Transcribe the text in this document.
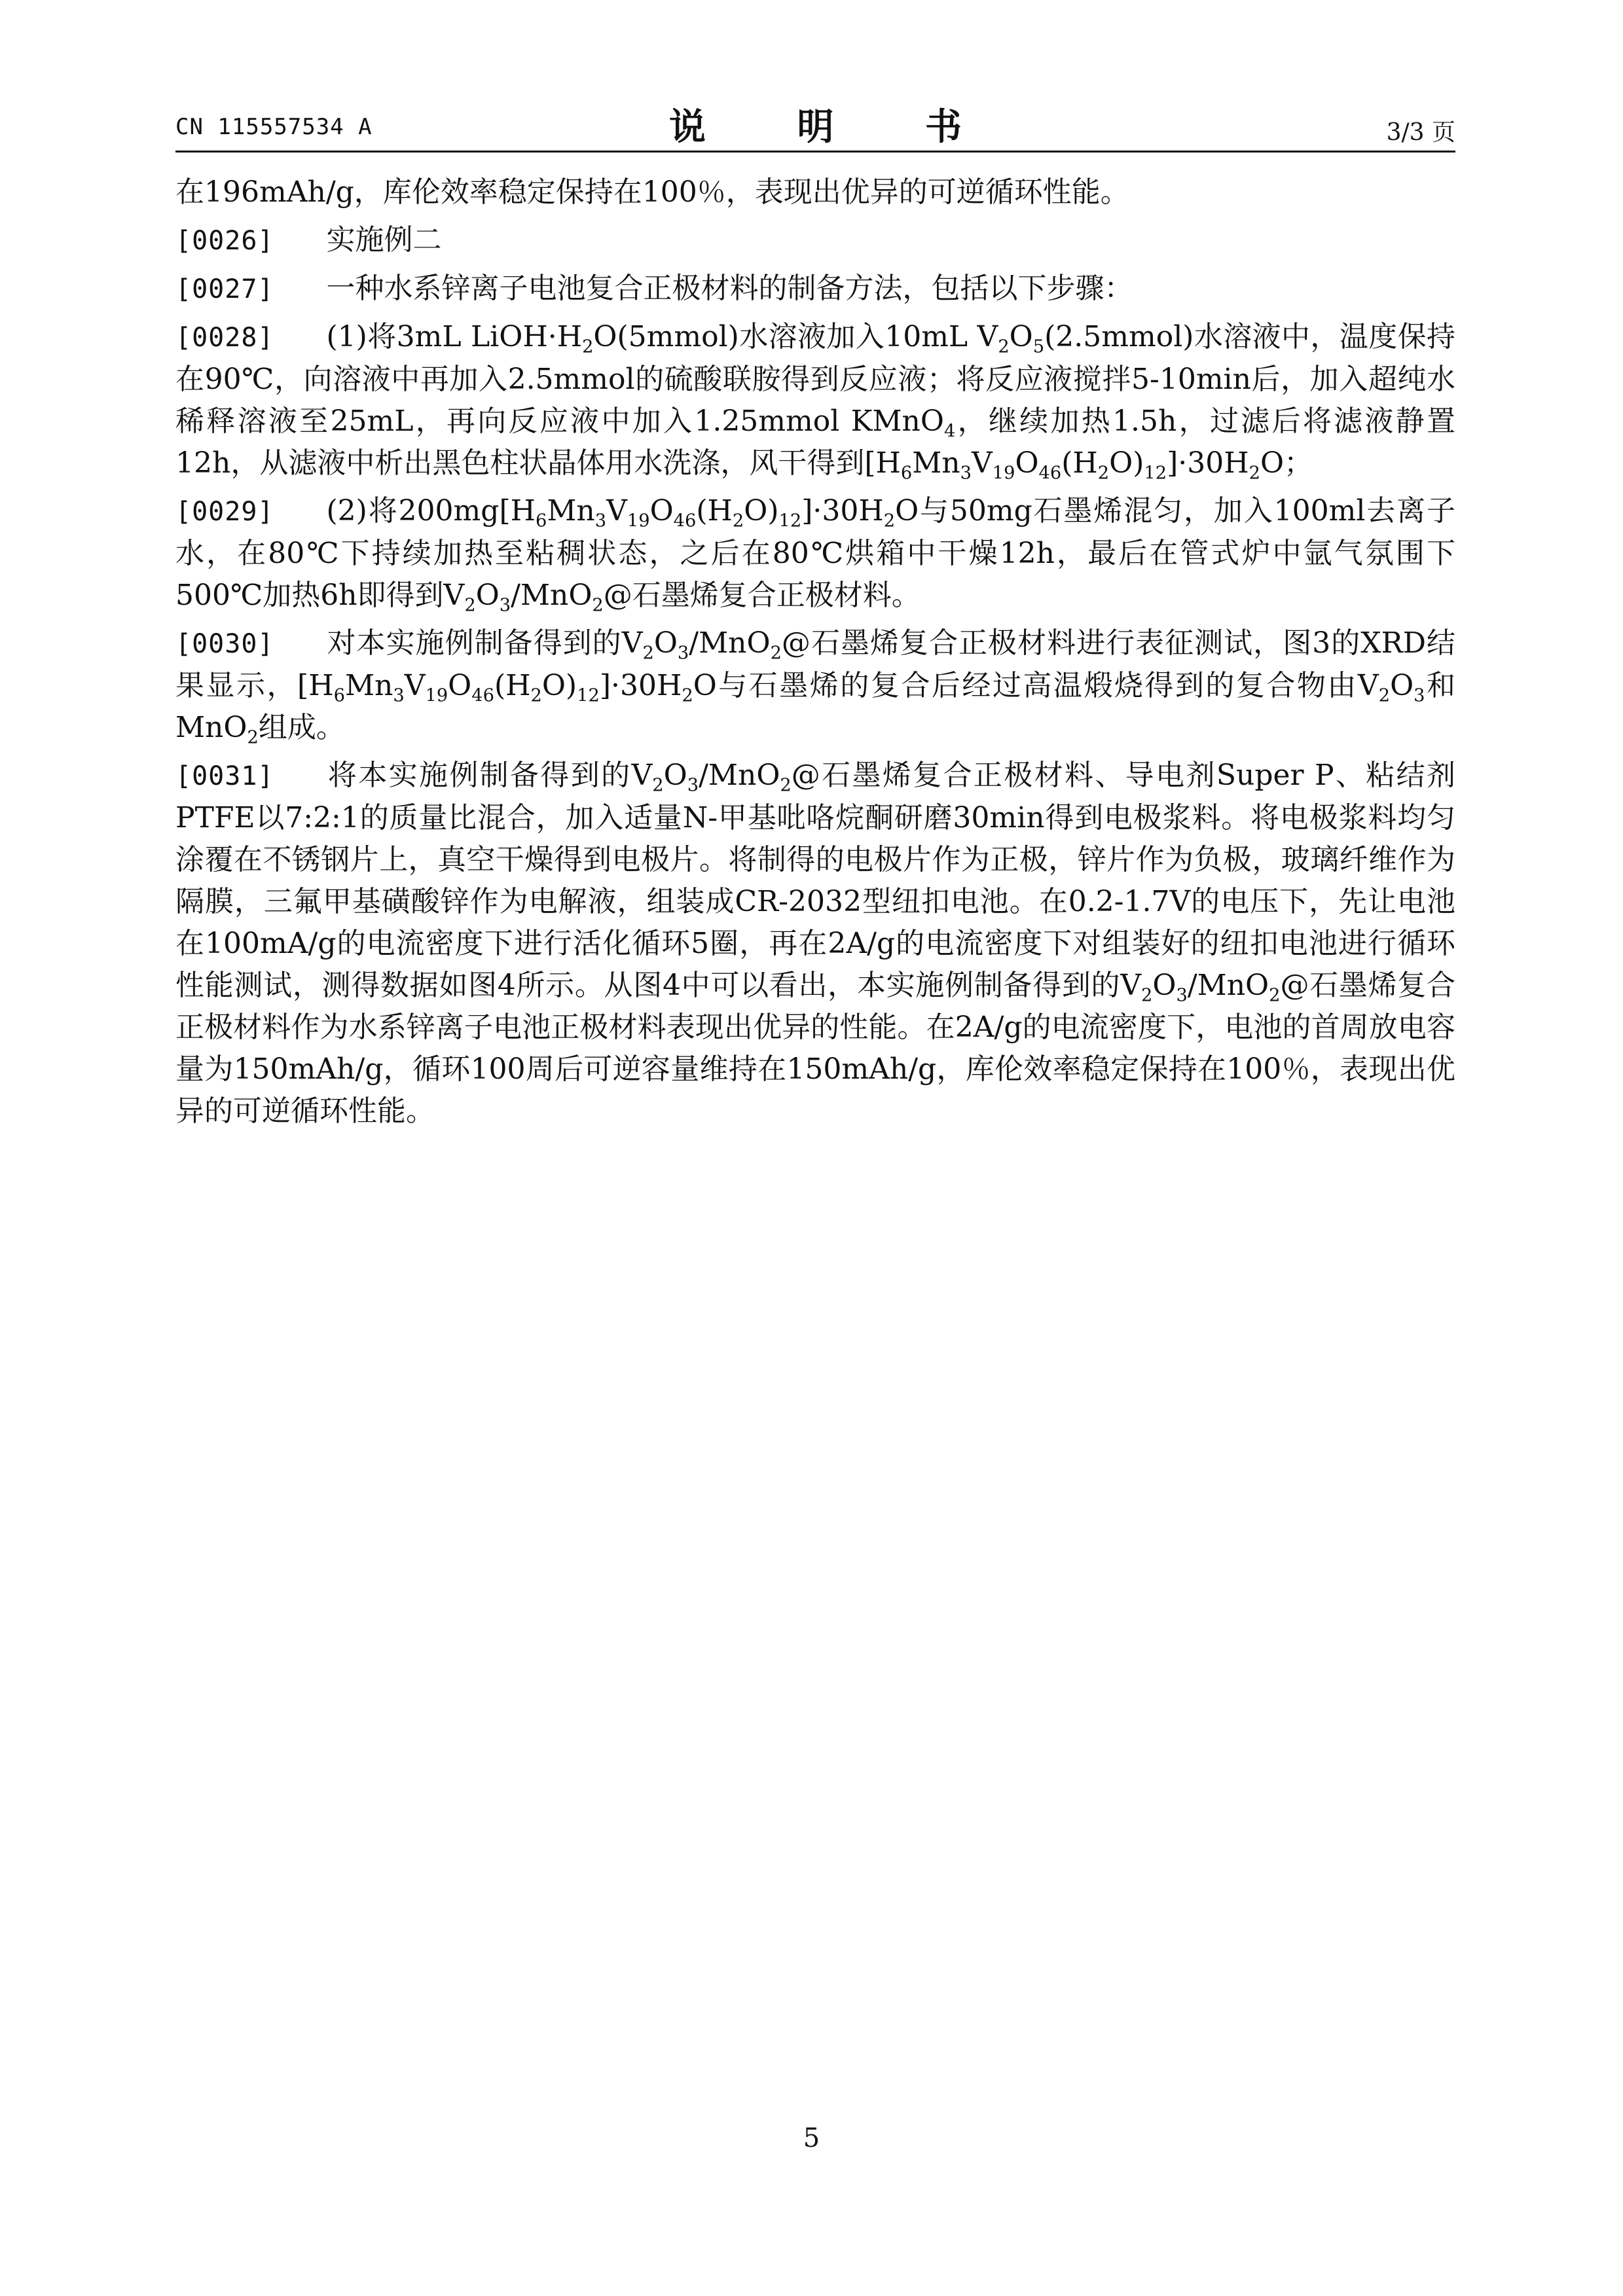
CN 115557534 A	说 明 书	3/3 页

在196mAh/g，库伦效率稳定保持在100％，表现出优异的可逆循环性能。

[0026] 实施例二

[0027] 一种水系锌离子电池复合正极材料的制备方法，包括以下步骤：

[0028] (1)将3mL $LiOH\cdot H_2O(5mmol)$水溶液加入10mL $V_2O_5(2.5mmol)$水溶液中，温度保持在90℃，向溶液中再加入2.5mmol的硫酸联胺得到反应液；将反应液搅拌5-10min后，加入超纯水稀释溶液至25mL，再向反应液中加入1.25mmol KMnO$_4$，继续加热1.5h，过滤后将滤液静置12h，从滤液中析出黑色柱状晶体用水洗涤，风干得到$[H_6Mn_3V_{19}O_{46}(H_2O)_{12}]\cdot 30H_2O$；

[0029] (2)将$200mg[H_6Mn_3V_{19}O_{46}(H_2O)_{12}]\cdot 30H_2O$与50mg石墨烯混匀，加入100ml去离子水，在80℃下持续加热至粘稠状态，之后在80℃烘箱中干燥12h，最后在管式炉中氩气氛围下500℃加热6h即得到$V_2O_3/MnO_2@$石墨烯复合正极材料。

[0030] 对本实施例制备得到的$V_2O_3/MnO_2@$石墨烯复合正极材料进行表征测试，图3的XRD结果显示，$[H_6Mn_3V_{19}O_{46}(H_2O)_{12}]\cdot 30H_2O$与石墨烯的复合后经过高温煅烧得到的复合物由$V_2O_3$和MnO$_2$组成。

[0031] 将本实施例制备得到的$V_2O_3/MnO_2@$石墨烯复合正极材料、导电剂Super P、粘结剂PTFE以7:2:1的质量比混合，加入适量N-甲基吡咯烷酮研磨30min得到电极浆料。将电极浆料均匀涂覆在不锈钢片上，真空干燥得到电极片。将制得的电极片作为正极，锌片作为负极，玻璃纤维作为隔膜，三氟甲基磺酸锌作为电解液，组装成CR-2032型纽扣电池。在0.2-1.7V的电压下，先让电池在100mA/g的电流密度下进行活化循环5圈，再在2A/g的电流密度下对组装好的纽扣电池进行循环性能测试，测得数据如图4所示。从图4中可以看出，本实施例制备得到的$V_2O_3/MnO_2@$石墨烯复合正极材料作为水系锌离子电池正极材料表现出优异的性能。在2A/g的电流密度下，电池的首周放电容量为150mAh/g，循环100周后可逆容量维持在150mAh/g，库伦效率稳定保持在100％，表现出优异的可逆循环性能。

5
